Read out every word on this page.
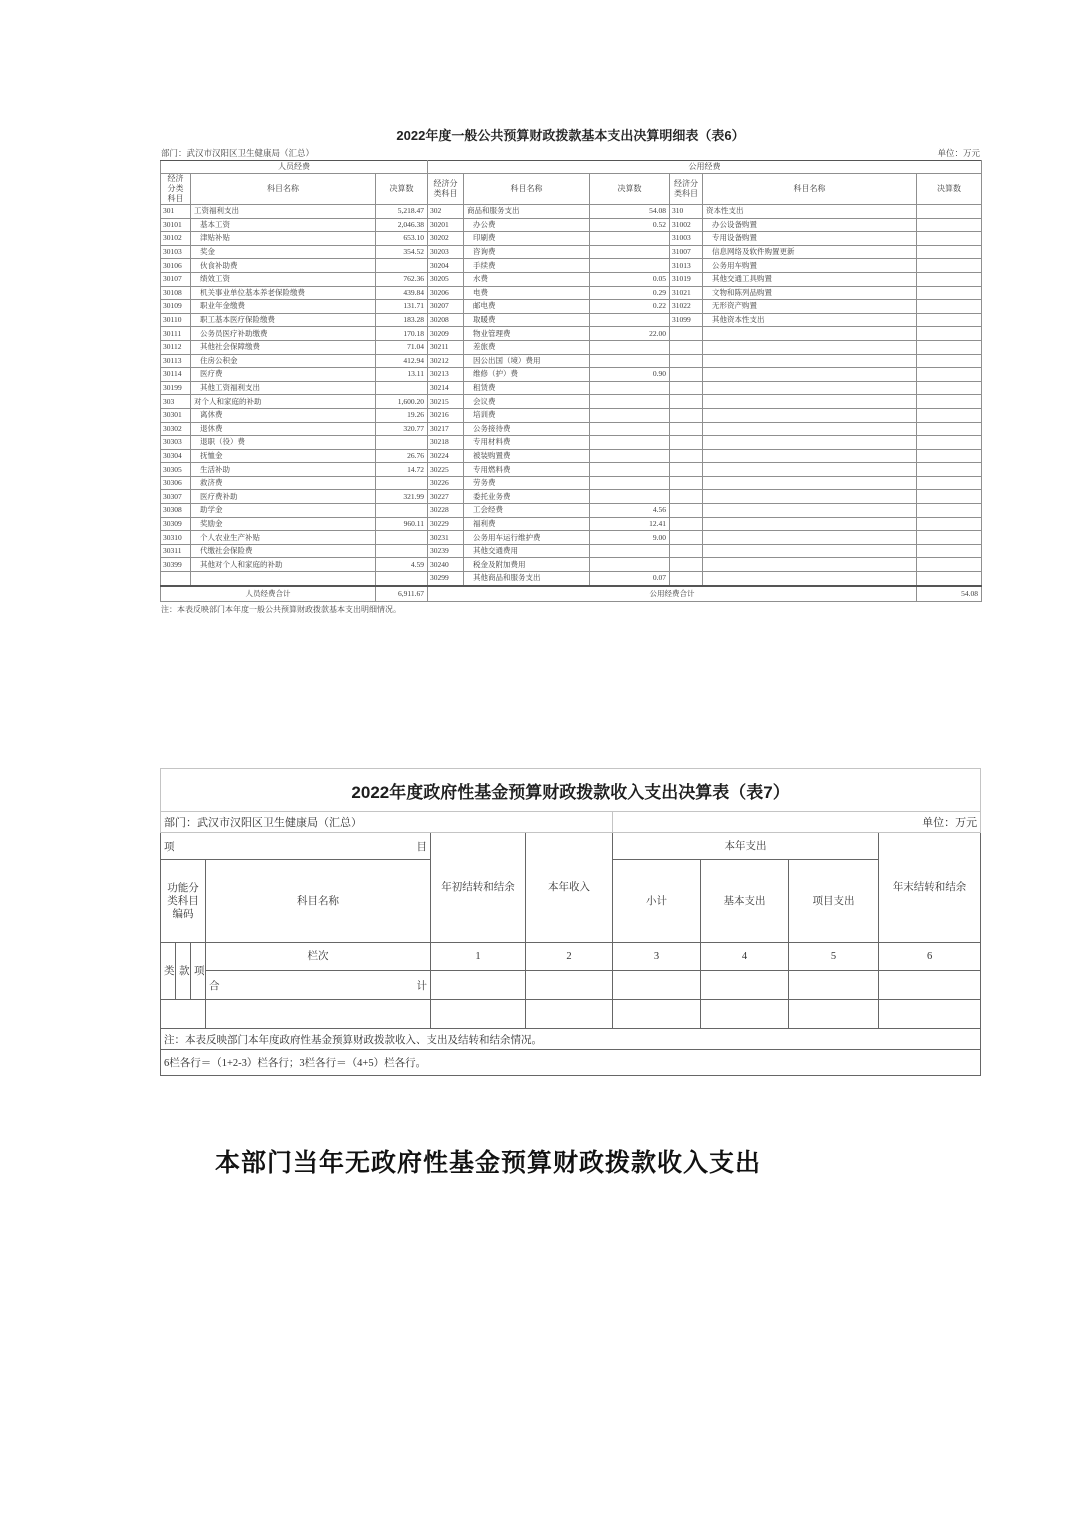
2022年度一般公共预算财政拨款基本支出决算明细表（表6）
部门：武汉市汉阳区卫生健康局（汇总）	单位：万元
人员经费			公用经费					
经济分类科目	科目名称	决算数	经济分类科目	科目名称	决算数	经济分类科目	科目名称	决算数
301	工资福利支出	5,218.47	302	商品和服务支出	54.08	310	资本性支出	
30101	基本工资	2,046.38	30201	办公费	0.52	31002	办公设备购置	
30102	津贴补贴	653.10	30202	印刷费		31003	专用设备购置	
30103	奖金	354.52	30203	咨询费		31007	信息网络及软件购置更新	
30106	伙食补助费		30204	手续费		31013	公务用车购置	
30107	绩效工资	762.36	30205	水费	0.05	31019	其他交通工具购置	
30108	机关事业单位基本养老保险缴费	439.84	30206	电费	0.29	31021	文物和陈列品购置	
30109	职业年金缴费	131.71	30207	邮电费	0.22	31022	无形资产购置	
30110	职工基本医疗保险缴费	183.28	30208	取暖费		31099	其他资本性支出	
30111	公务员医疗补助缴费	170.18	30209	物业管理费	22.00			
30112	其他社会保障缴费	71.04	30211	差旅费				
30113	住房公积金	412.94	30212	因公出国（境）费用				
30114	医疗费	13.11	30213	维修（护）费	0.90			
30199	其他工资福利支出		30214	租赁费				
303	对个人和家庭的补助	1,600.20	30215	会议费				
30301	离休费	19.26	30216	培训费				
30302	退休费	320.77	30217	公务接待费				
30303	退职（役）费		30218	专用材料费				
30304	抚恤金	26.76	30224	被装购置费				
30305	生活补助	14.72	30225	专用燃料费				
30306	救济费		30226	劳务费				
30307	医疗费补助	321.99	30227	委托业务费				
30308	助学金		30228	工会经费	4.56			
30309	奖励金	960.11	30229	福利费	12.41			
30310	个人农业生产补贴		30231	公务用车运行维护费	9.00			
30311	代缴社会保险费		30239	其他交通费用				
30399	其他对个人和家庭的补助	4.59	30240	税金及附加费用				
			30299	其他商品和服务支出	0.07			
人员经费合计		6,911.67	公用经费合计					54.08
注：本表反映部门本年度一般公共预算财政拨款基本支出明细情况。
2022年度政府性基金预算财政拨款收入支出决算表（表7）									
部门：武汉市汉阳区卫生健康局（汇总）						单位：万元			

项 目				年初结转和结余	本年收入	本年支出			年末结转和结余
功能分类科目编码			科目名称			小计	基本支出	项目支出	
类	款	项	栏次	1	2	3	4	5	6

			合 计						

注：本表反映部门本年度政府性基金预算财政拨款收入、支出及结转和结余情况。									
6栏各行＝（1+2-3）栏各行；3栏各行＝（4+5）栏各行。									
本部门当年无政府性基金预算财政拨款收入支出
